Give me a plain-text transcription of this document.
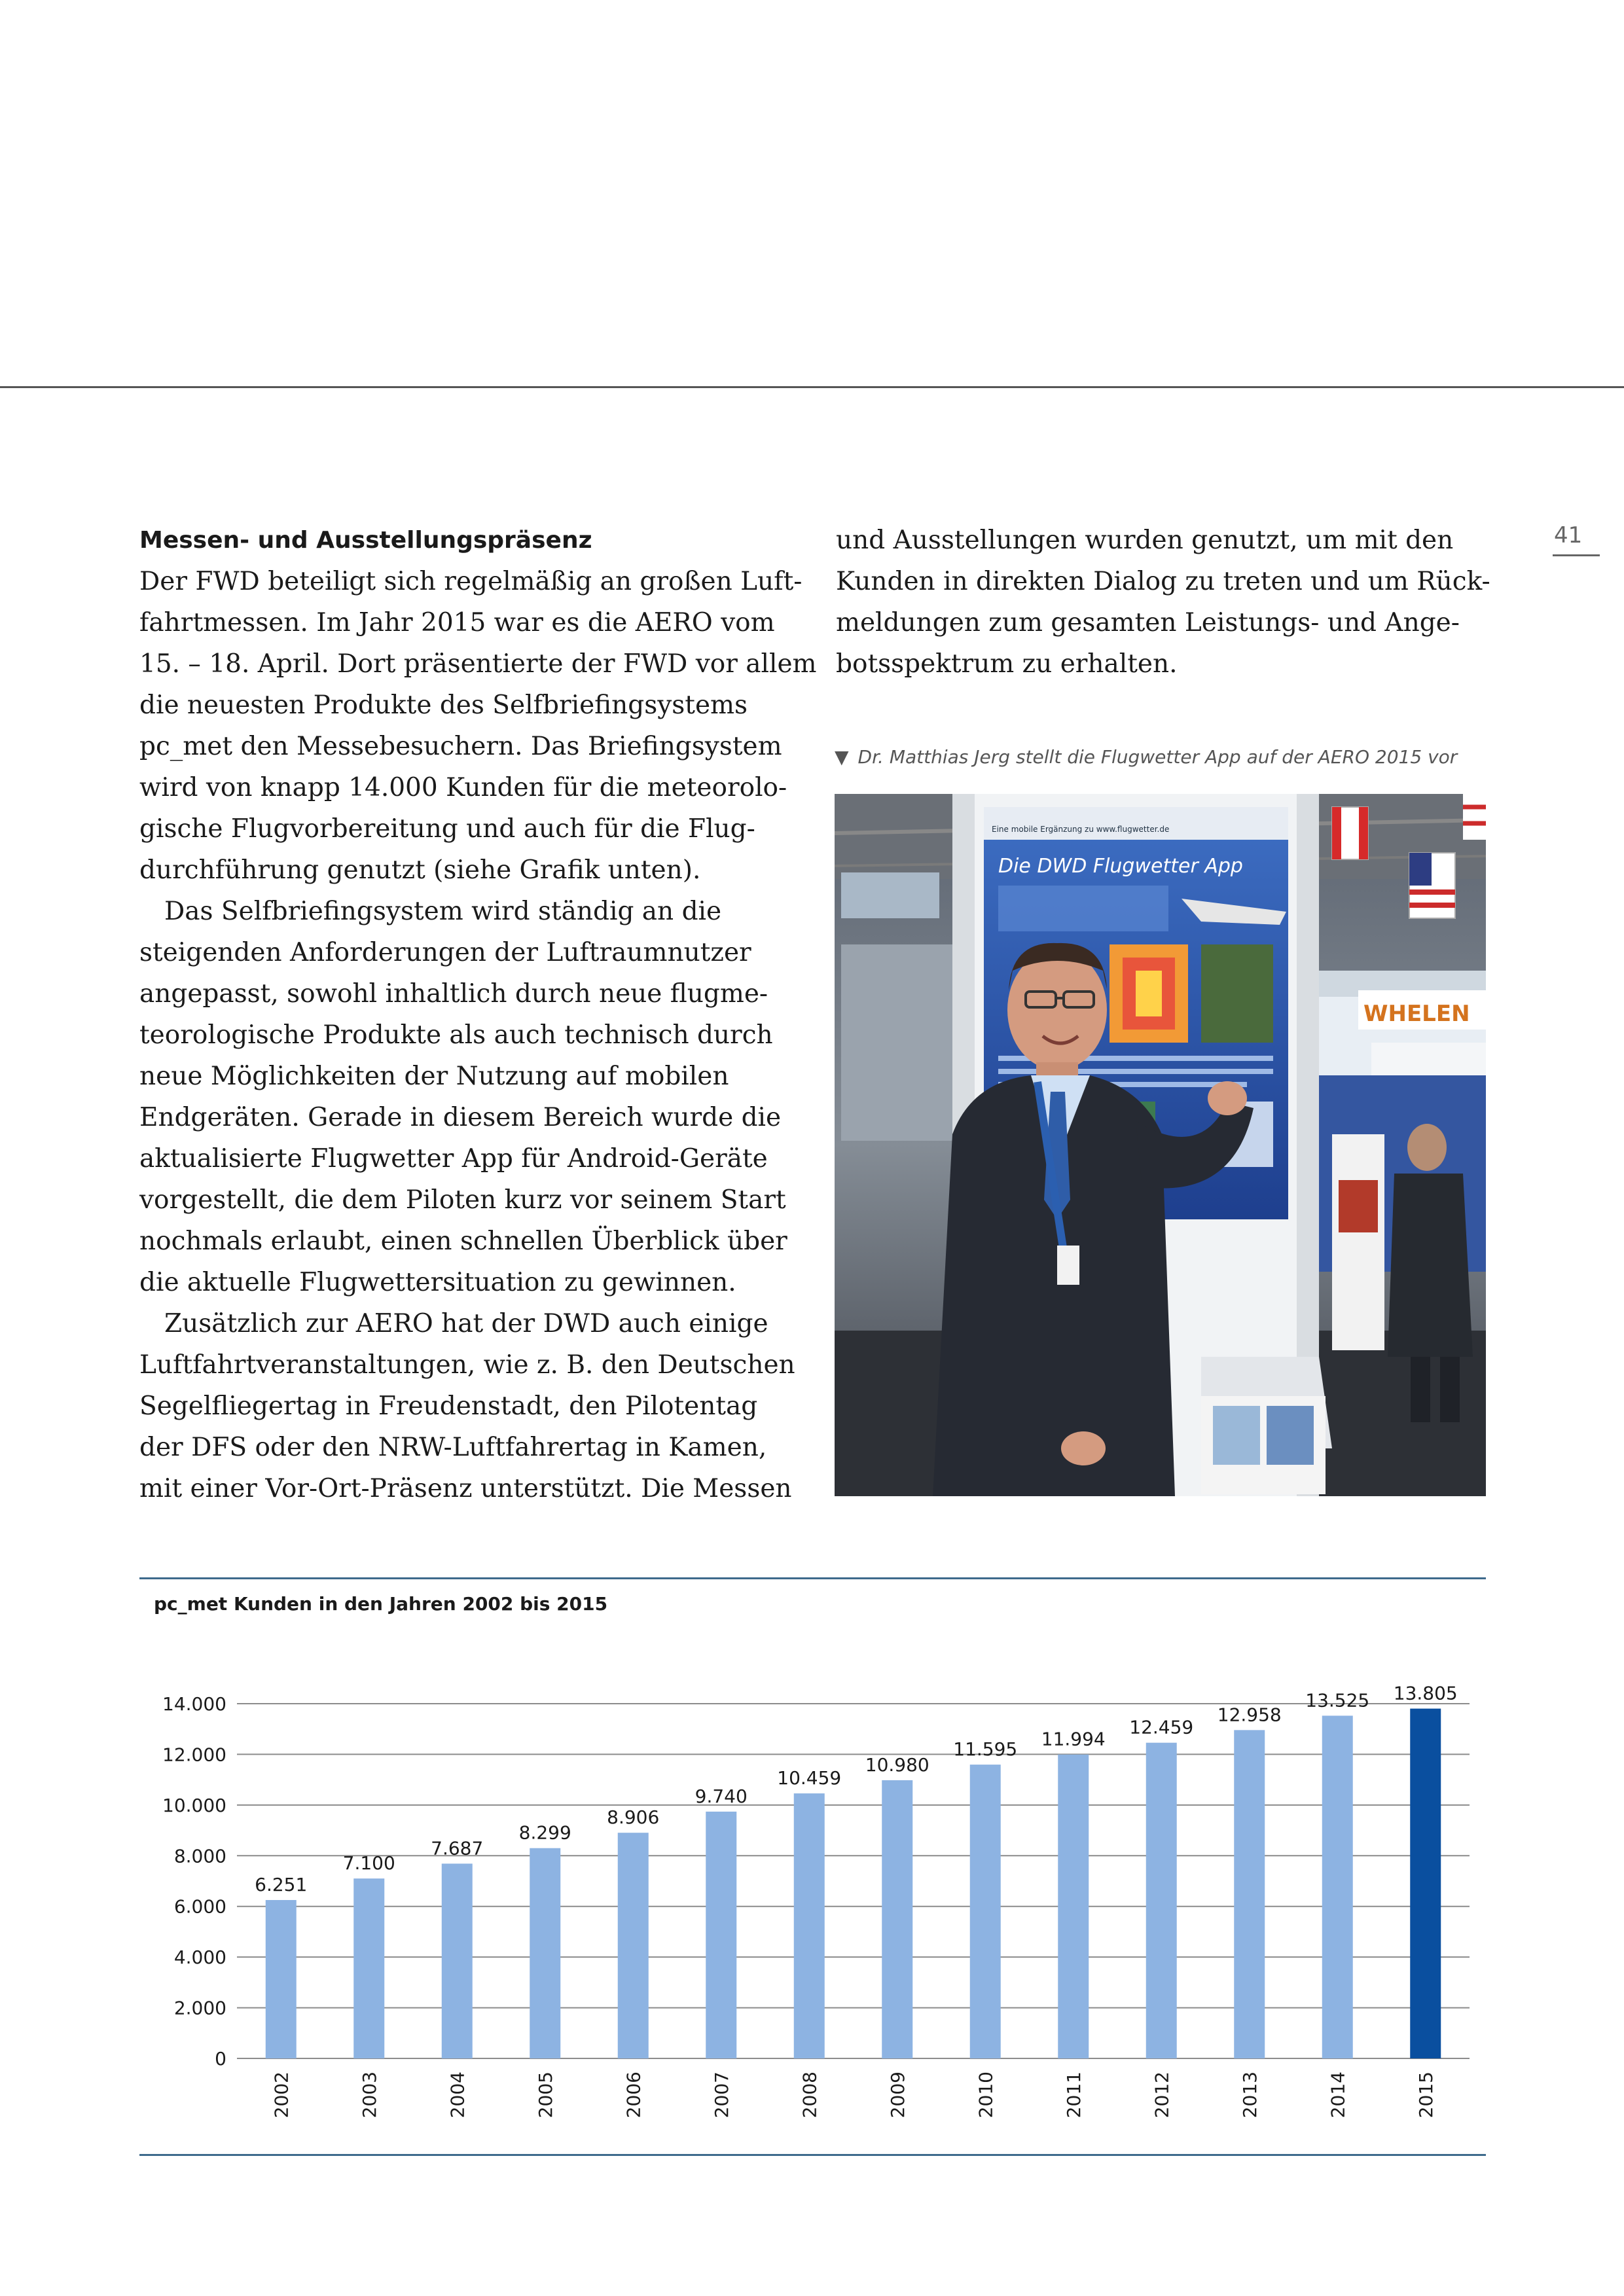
41
Messen- und Ausstellungspräsenz
Der FWD beteiligt sich regelmäßig an großen Luft-
fahrtmessen. Im Jahr 2015 war es die AERO vom
15. – 18. April. Dort präsentierte der FWD vor allem
die neuesten Produkte des Selfbriefingsystems
pc_met den Messebesuchern. Das Briefingsystem
wird von knapp 14.000 Kunden für die meteorolo-
gische Flugvorbereitung und auch für die Flug-
durchführung genutzt (siehe Grafik unten).
Das Selfbriefingsystem wird ständig an die
steigenden Anforderungen der Luftraumnutzer
angepasst, sowohl inhaltlich durch neue flugme-
teorologische Produkte als auch technisch durch
neue Möglichkeiten der Nutzung auf mobilen
Endgeräten. Gerade in diesem Bereich wurde die
aktualisierte Flugwetter App für Android-Geräte
vorgestellt, die dem Piloten kurz vor seinem Start
nochmals erlaubt, einen schnellen Überblick über
die aktuelle Flugwettersituation zu gewinnen.
Zusätzlich zur AERO hat der DWD auch einige
Luftfahrtveranstaltungen, wie z. B. den Deutschen
Segelfliegertag in Freudenstadt, den Pilotentag
der DFS oder den NRW-Luftfahrertag in Kamen,
mit einer Vor-Ort-Präsenz unterstützt. Die Messen
und Ausstellungen wurden genutzt, um mit den
Kunden in direkten Dialog zu treten und um Rück-
meldungen zum gesamten Leistungs- und Ange-
botsspektrum zu erhalten.
▼ Dr. Matthias Jerg stellt die Flugwetter App auf der AERO 2015 vor
WHELEN
Eine mobile Ergänzung zu www.flugwetter.de
Die DWD Flugwetter App
pc_met Kunden in den Jahren 2002 bis 2015
0
2.000
4.000
6.000
8.000
10.000
12.000
14.000
6.251
2002
7.100
2003
7.687
2004
8.299
2005
8.906
2006
9.740
2007
10.459
2008
10.980
2009
11.595
2010
11.994
2011
12.459
2012
12.958
2013
13.525
2014
13.805
2015
